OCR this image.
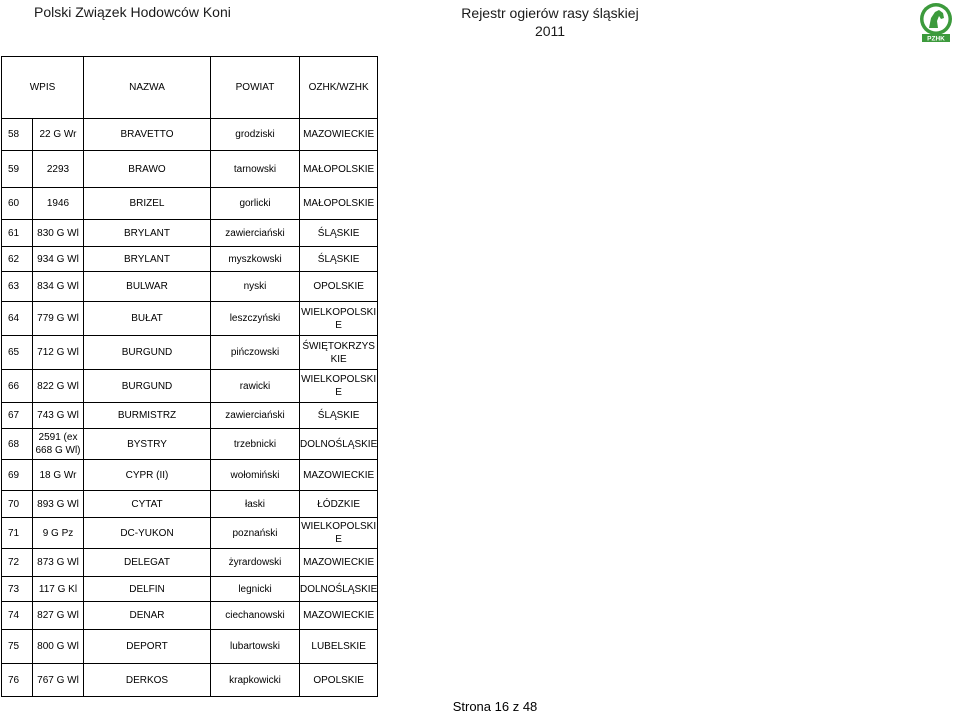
Polski Związek Hodowców Koni	Rejestr ogierów rasy śląskiej
2011
PZHK
WPIS		NAZWA	POWIAT	OZHK/WZHK
58	22 G Wr	BRAVETTO	grodziski	MAZOWIECKIE
59	2293	BRAWO	tarnowski	MAŁOPOLSKIE
60	1946	BRIZEL	gorlicki	MAŁOPOLSKIE
61	830 G Wl	BRYLANT	zawierciański	ŚLĄSKIE
62	934 G Wl	BRYLANT	myszkowski	ŚLĄSKIE
63	834 G Wl	BULWAR	nyski	OPOLSKIE
64	779 G Wl	BUŁAT	leszczyński	WIELKOPOLSKI E
65	712 G Wl	BURGUND	pińczowski	ŚWIĘTOKRZYS KIE
66	822 G Wl	BURGUND	rawicki	WIELKOPOLSKI E
67	743 G Wl	BURMISTRZ	zawierciański	ŚLĄSKIE
68	2591 (ex 668 G Wl)	BYSTRY	trzebnicki	DOLNOŚLĄSKIE
69	18 G Wr	CYPR (II)	wołomiński	MAZOWIECKIE
70	893 G Wl	CYTAT	łaski	ŁÓDZKIE
71	9 G Pz	DC-YUKON	poznański	WIELKOPOLSKI E
72	873 G Wl	DELEGAT	żyrardowski	MAZOWIECKIE
73	117 G Kl	DELFIN	legnicki	DOLNOŚLĄSKIE
74	827 G Wl	DENAR	ciechanowski	MAZOWIECKIE
75	800 G Wl	DEPORT	lubartowski	LUBELSKIE
76	767 G Wl	DERKOS	krapkowicki	OPOLSKIE
Strona 16 z 48
